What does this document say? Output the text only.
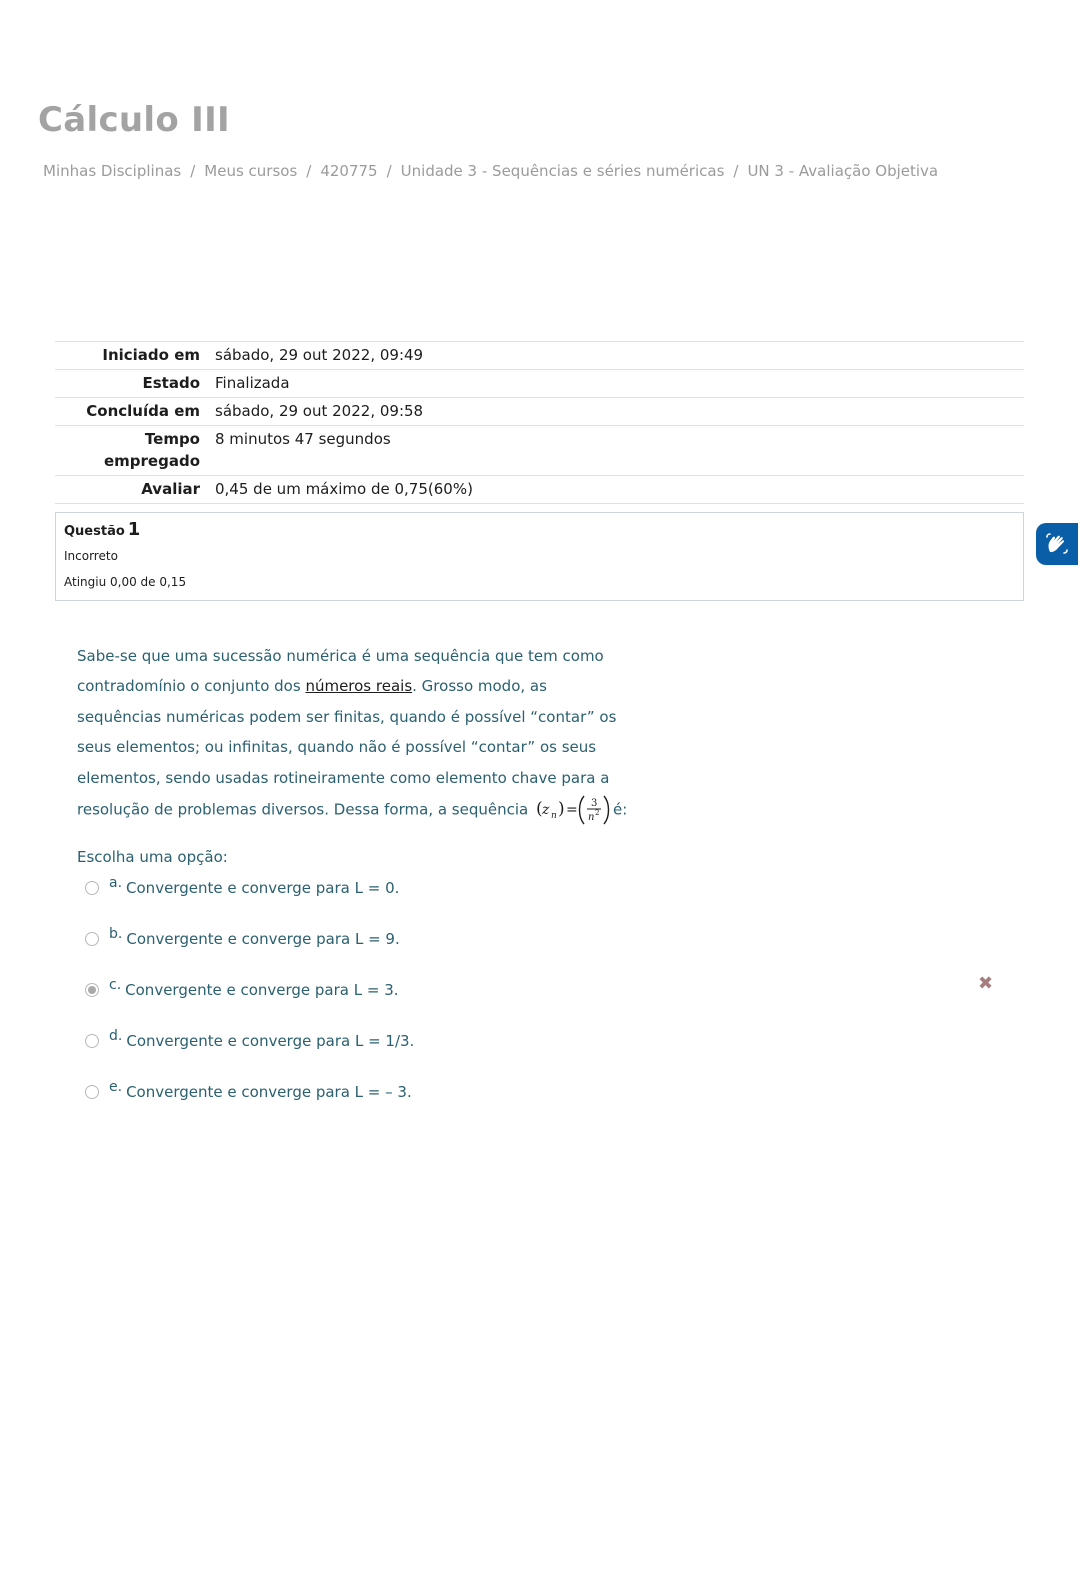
Cálculo III
Minhas Disciplinas / Meus cursos / 420775 / Unidade 3 - Sequências e séries numéricas / UN 3 - Avaliação Objetiva
Iniciado em	sábado, 29 out 2022, 09:49
Estado	Finalizada
Concluída em	sábado, 29 out 2022, 09:58
Tempo
empregado	8 minutos 47 segundos
Avaliar	0,45 de um máximo de 0,75(60%)
Questão 1
Incorreto
Atingiu 0,00 de 0,15
Sabe-se que uma sucessão numérica é uma sequência que tem como contradomínio o conjunto dos números reais. Grosso modo, as sequências numéricas podem ser finitas, quando é possível “contar” os seus elementos; ou infinitas, quando não é possível “contar” os seus elementos, sendo usadas rotineiramente como elemento chave para a resolução de problemas diversos. Dessa forma, a sequência ( z n ) = 3
n 2 é:
Escolha uma opção:
a. Convergente e converge para L = 0.
b. Convergente e converge para L = 9.
c. Convergente e converge para L = 3.
d. Convergente e converge para L = 1/3.
e. Convergente e converge para L = – 3.
✖
